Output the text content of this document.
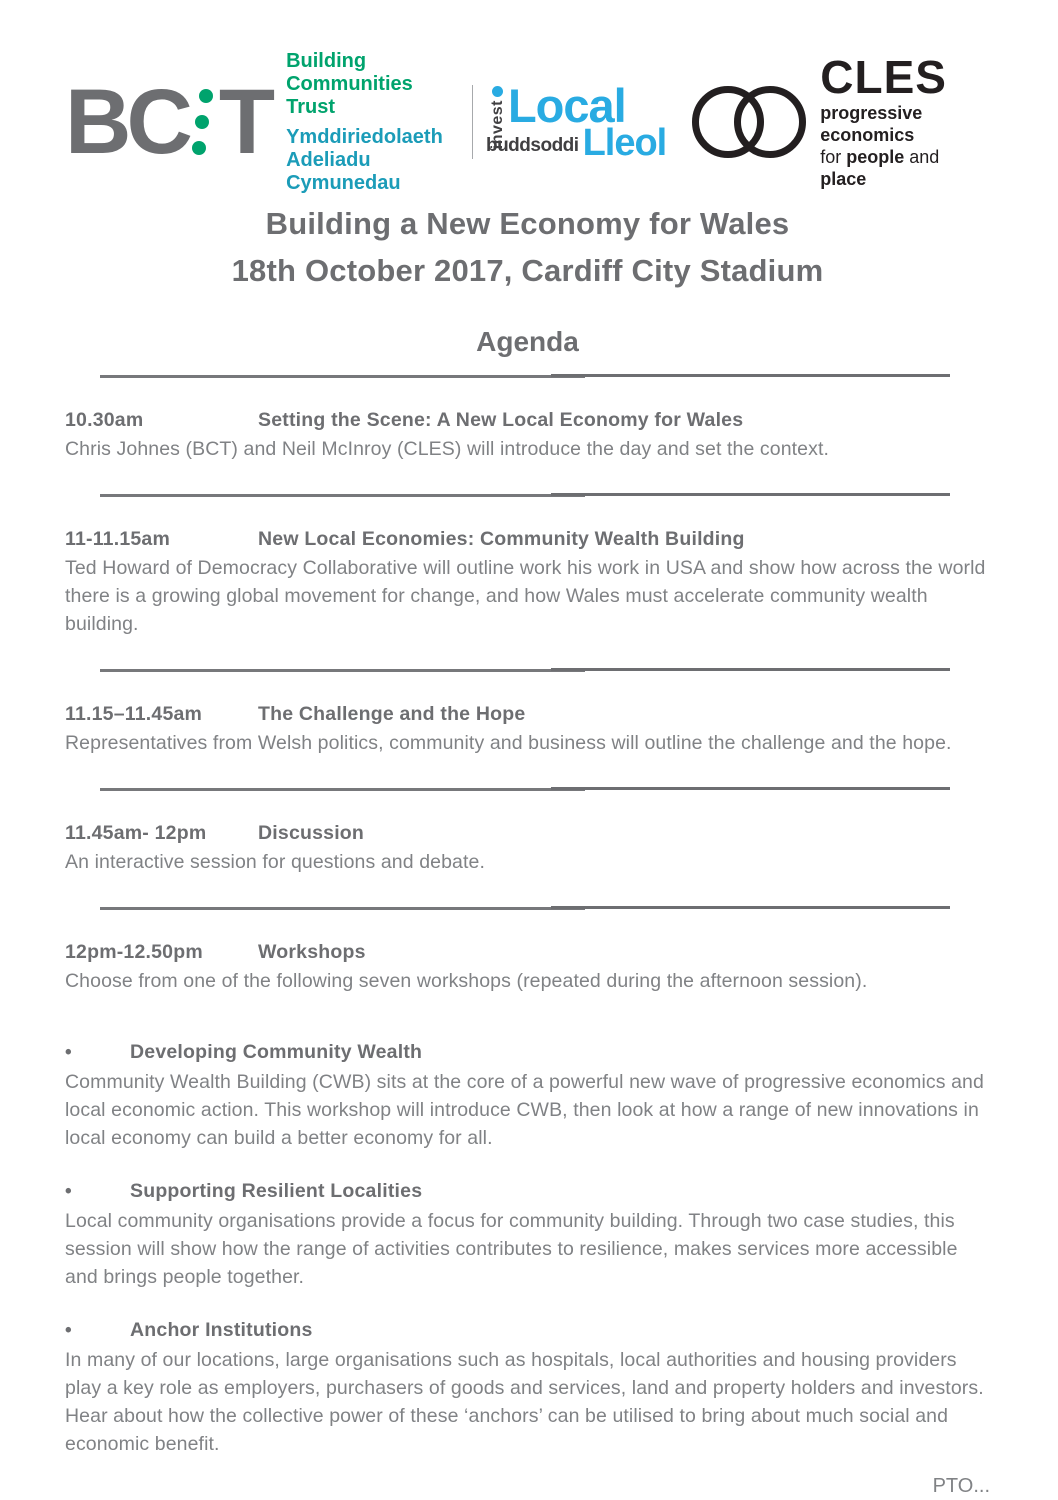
BC T
Building
Communities Trust
Ymddiriedolaeth
Adeliadu Cymunedau
invest Local
buddsoddi Lleol
CLES
progressive economics
for people and place
Building a New Economy for Wales
18th October 2017, Cardiff City Stadium
Agenda
10.30am	Setting the Scene: A New Local Economy for Wales

Chris Johnes (BCT) and Neil McInroy (CLES) will introduce the day and set the context.

11-11.15am	New Local Economies: Community Wealth Building

Ted Howard of Democracy Collaborative will outline work his work in USA and show how across the world there is a growing global movement for change, and how Wales must accelerate community wealth building.

11.15–11.45am	The Challenge and the Hope

Representatives from Welsh politics, community and business will outline the challenge and the hope.

11.45am- 12pm	Discussion

An interactive session for questions and debate.

12pm-12.50pm	Workshops

Choose from one of the following seven workshops (repeated during the afternoon session).

•	Developing Community Wealth

Community Wealth Building (CWB) sits at the core of a powerful new wave of progressive economics and local economic action. This workshop will introduce CWB, then look at how a range of new innovations in local economy can build a better economy for all.

•	Supporting Resilient Localities

Local community organisations provide a focus for community building. Through two case studies, this session will show how the range of activities contributes to resilience, makes services more accessible and brings people together.

•	Anchor Institutions

In many of our locations, large organisations such as hospitals, local authorities and housing providers play a key role as employers, purchasers of goods and services, land and property holders and investors. Hear about how the collective power of these ‘anchors’ can be utilised to bring about much social and economic benefit.

PTO...
